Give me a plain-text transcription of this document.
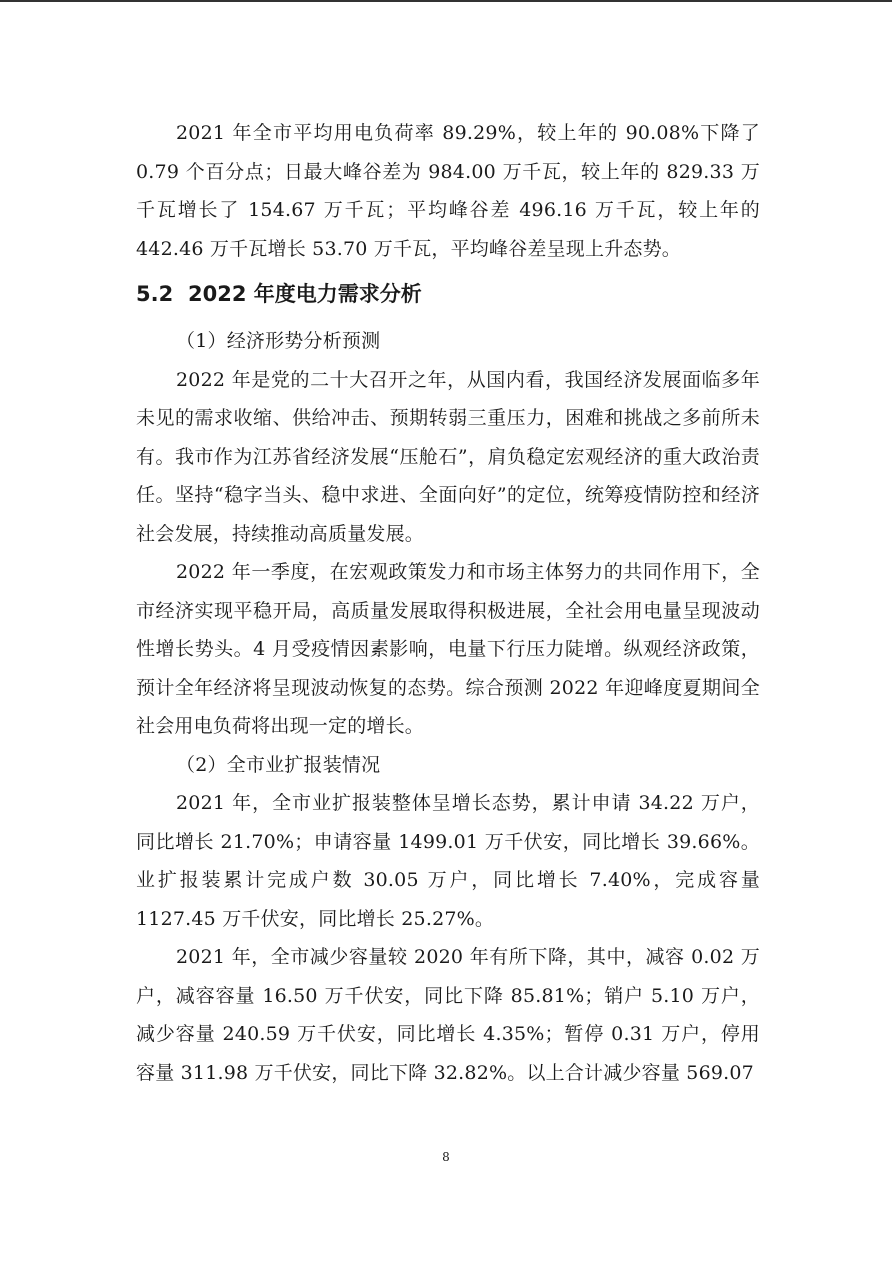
2021 年全市平均用电负荷率 89.29%，较上年的 90.08%下降了 0.79 个百分点；日最大峰谷差为 984.00 万千瓦，较上年的 829.33 万千瓦增长了 154.67 万千瓦；平均峰谷差 496.16 万千瓦，较上年的 442.46 万千瓦增长 53.70 万千瓦，平均峰谷差呈现上升态势。

5.2 2022 年度电力需求分析

（1）经济形势分析预测

2022 年是党的二十大召开之年，从国内看，我国经济发展面临多年未见的需求收缩、供给冲击、预期转弱三重压力，困难和挑战之多前所未有。我市作为江苏省经济发展“压舱石”，肩负稳定宏观经济的重大政治责任。坚持“稳字当头、稳中求进、全面向好”的定位，统筹疫情防控和经济社会发展，持续推动高质量发展。

2022 年一季度，在宏观政策发力和市场主体努力的共同作用下，全市经济实现平稳开局，高质量发展取得积极进展，全社会用电量呈现波动性增长势头。4 月受疫情因素影响，电量下行压力陡增。纵观经济政策，预计全年经济将呈现波动恢复的态势。综合预测 2022 年迎峰度夏期间全社会用电负荷将出现一定的增长。

（2）全市业扩报装情况

2021 年，全市业扩报装整体呈增长态势，累计申请 34.22 万户，同比增长 21.70%；申请容量 1499.01 万千伏安，同比增长 39.66%。业扩报装累计完成户数 30.05 万户，同比增长 7.40%，完成容量 1127.45 万千伏安，同比增长 25.27%。

2021 年，全市减少容量较 2020 年有所下降，其中，减容 0.02 万户，减容容量 16.50 万千伏安，同比下降 85.81%；销户 5.10 万户，减少容量 240.59 万千伏安，同比增长 4.35%；暂停 0.31 万户，停用容量 311.98 万千伏安，同比下降 32.82%。以上合计减少容量 569.07

8
